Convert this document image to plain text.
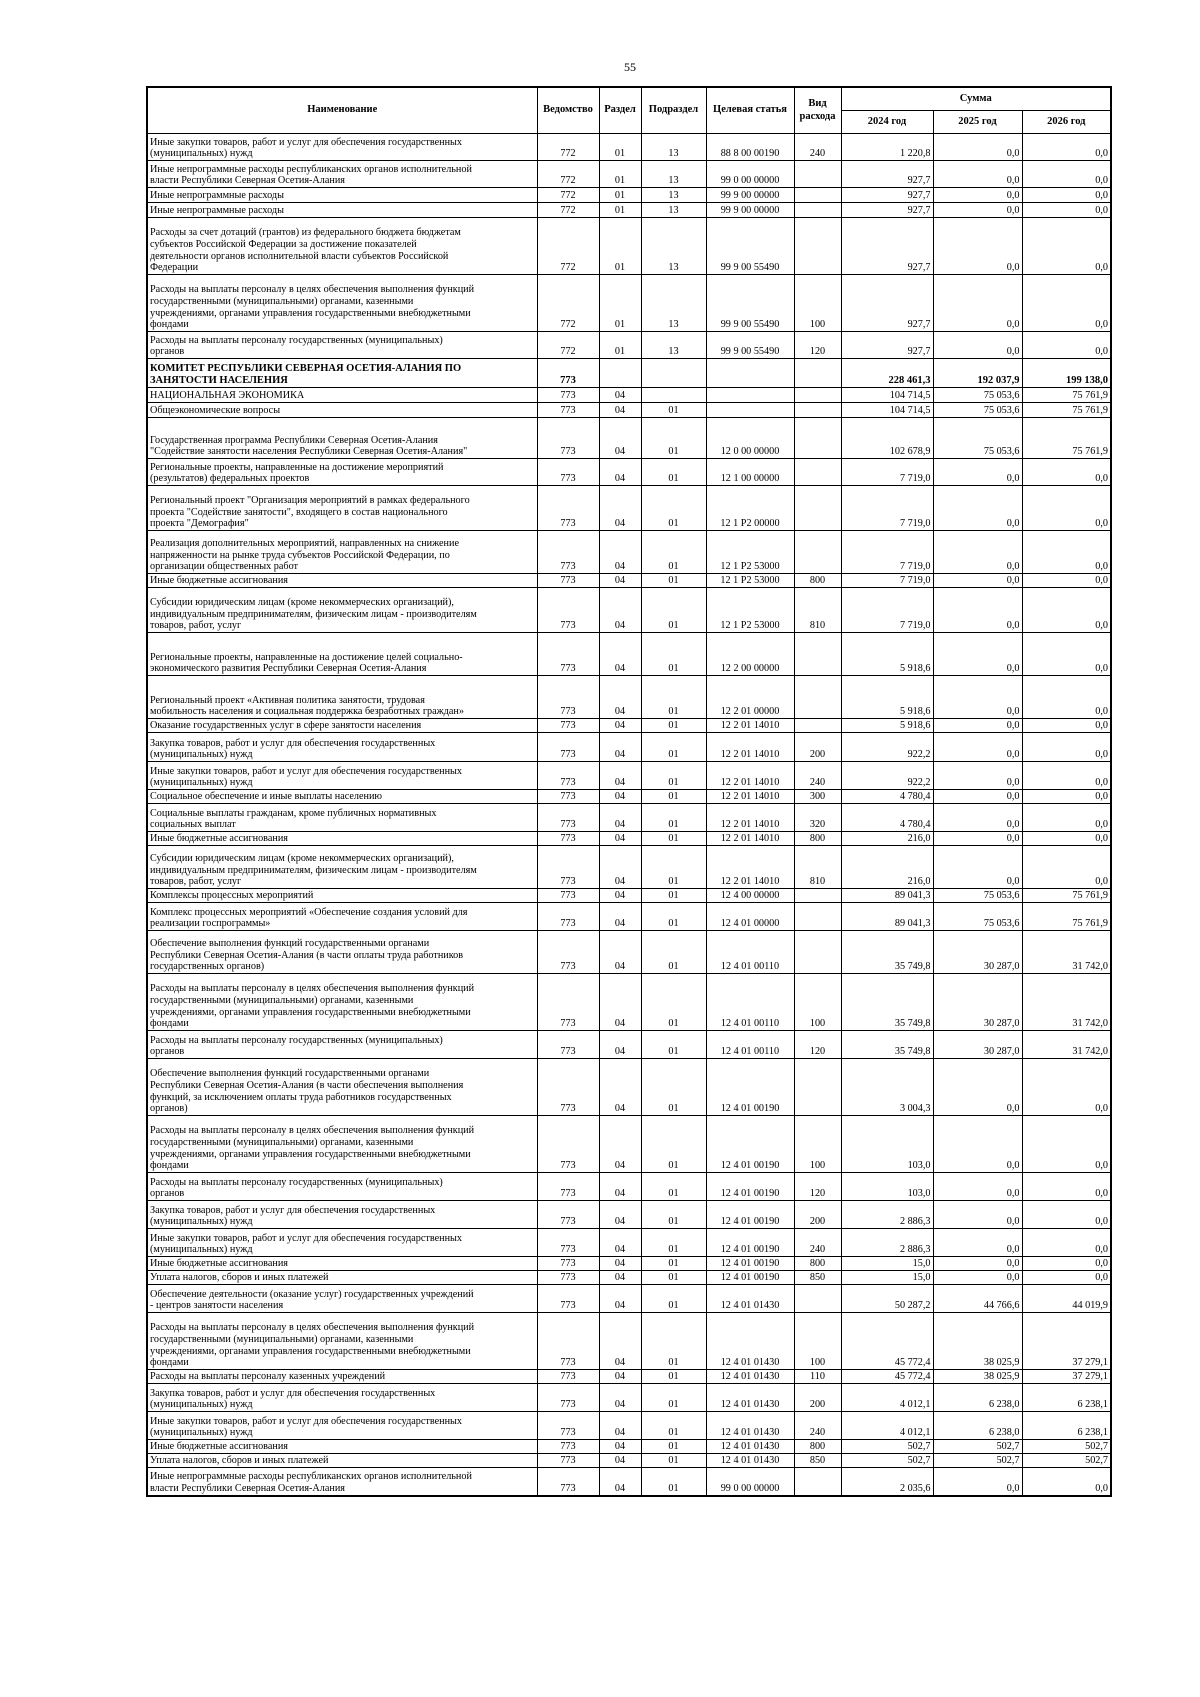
55
Наименование	Ведомство	Раздел	Подраздел	Целевая статья	Вид расхода	Сумма		
						2024 год	2025 год	2026 год
Иные закупки товаров, работ и услуг для обеспечения государственных
(муниципальных) нужд	772	01	13	88 8 00 00190	240	1 220,8	0,0	0,0
Иные непрограммные расходы республиканских органов исполнительной
власти Республики Северная Осетия-Алания	772	01	13	99 0 00 00000		927,7	0,0	0,0
Иные непрограммные расходы	772	01	13	99 9 00 00000		927,7	0,0	0,0
Иные непрограммные расходы	772	01	13	99 9 00 00000		927,7	0,0	0,0
Расходы за счет дотаций (грантов) из федерального бюджета бюджетам
субъектов Российской Федерации за достижение показателей
деятельности органов исполнительной власти субъектов Российской
Федерации	772	01	13	99 9 00 55490		927,7	0,0	0,0
Расходы на выплаты персоналу в целях обеспечения выполнения функций
государственными (муниципальными) органами, казенными
учреждениями, органами управления государственными внебюджетными
фондами	772	01	13	99 9 00 55490	100	927,7	0,0	0,0
Расходы на выплаты персоналу государственных (муниципальных)
органов	772	01	13	99 9 00 55490	120	927,7	0,0	0,0
КОМИТЕТ РЕСПУБЛИКИ СЕВЕРНАЯ ОСЕТИЯ-АЛАНИЯ ПО
ЗАНЯТОСТИ НАСЕЛЕНИЯ	773					228 461,3	192 037,9	199 138,0
НАЦИОНАЛЬНАЯ ЭКОНОМИКА	773	04				104 714,5	75 053,6	75 761,9
Общеэкономические вопросы	773	04	01			104 714,5	75 053,6	75 761,9
Государственная программа Республики Северная Осетия-Алания
"Содействие занятости населения Республики Северная Осетия-Алания"	773	04	01	12 0 00 00000		102 678,9	75 053,6	75 761,9
Региональные проекты, направленные на достижение мероприятий
(результатов) федеральных проектов	773	04	01	12 1 00 00000		7 719,0	0,0	0,0
Региональный проект "Организация мероприятий в рамках федерального
проекта "Содействие занятости", входящего в состав национального
проекта "Демография"	773	04	01	12 1 P2 00000		7 719,0	0,0	0,0
Реализация дополнительных мероприятий, направленных на снижение
напряженности на рынке труда субъектов Российской Федерации, по
организации общественных работ	773	04	01	12 1 P2 53000		7 719,0	0,0	0,0
Иные бюджетные ассигнования	773	04	01	12 1 P2 53000	800	7 719,0	0,0	0,0
Субсидии юридическим лицам (кроме некоммерческих организаций),
индивидуальным предпринимателям, физическим лицам - производителям
товаров, работ, услуг	773	04	01	12 1 P2 53000	810	7 719,0	0,0	0,0
Региональные проекты, направленные на достижение целей социально-
экономического развития Республики Северная Осетия-Алания	773	04	01	12 2 00 00000		5 918,6	0,0	0,0
Региональный проект «Активная политика занятости, трудовая
мобильность населения и социальная поддержка безработных граждан»	773	04	01	12 2 01 00000		5 918,6	0,0	0,0
Оказание государственных услуг в сфере занятости населения	773	04	01	12 2 01 14010		5 918,6	0,0	0,0
Закупка товаров, работ и услуг для обеспечения государственных
(муниципальных) нужд	773	04	01	12 2 01 14010	200	922,2	0,0	0,0
Иные закупки товаров, работ и услуг для обеспечения государственных
(муниципальных) нужд	773	04	01	12 2 01 14010	240	922,2	0,0	0,0
Социальное обеспечение и иные выплаты населению	773	04	01	12 2 01 14010	300	4 780,4	0,0	0,0
Социальные выплаты гражданам, кроме публичных нормативных
социальных выплат	773	04	01	12 2 01 14010	320	4 780,4	0,0	0,0
Иные бюджетные ассигнования	773	04	01	12 2 01 14010	800	216,0	0,0	0,0
Субсидии юридическим лицам (кроме некоммерческих организаций),
индивидуальным предпринимателям, физическим лицам - производителям
товаров, работ, услуг	773	04	01	12 2 01 14010	810	216,0	0,0	0,0
Комплексы процессных мероприятий	773	04	01	12 4 00 00000		89 041,3	75 053,6	75 761,9
Комплекс процессных мероприятий «Обеспечение создания условий для
реализации госпрограммы»	773	04	01	12 4 01 00000		89 041,3	75 053,6	75 761,9
Обеспечение выполнения функций государственными органами
Республики Северная Осетия-Алания (в части оплаты труда работников
государственных органов)	773	04	01	12 4 01 00110		35 749,8	30 287,0	31 742,0
Расходы на выплаты персоналу в целях обеспечения выполнения функций
государственными (муниципальными) органами, казенными
учреждениями, органами управления государственными внебюджетными
фондами	773	04	01	12 4 01 00110	100	35 749,8	30 287,0	31 742,0
Расходы на выплаты персоналу государственных (муниципальных)
органов	773	04	01	12 4 01 00110	120	35 749,8	30 287,0	31 742,0
Обеспечение выполнения функций государственными органами
Республики Северная Осетия-Алания (в части обеспечения выполнения
функций, за исключением оплаты труда работников государственных
органов)	773	04	01	12 4 01 00190		3 004,3	0,0	0,0
Расходы на выплаты персоналу в целях обеспечения выполнения функций
государственными (муниципальными) органами, казенными
учреждениями, органами управления государственными внебюджетными
фондами	773	04	01	12 4 01 00190	100	103,0	0,0	0,0
Расходы на выплаты персоналу государственных (муниципальных)
органов	773	04	01	12 4 01 00190	120	103,0	0,0	0,0
Закупка товаров, работ и услуг для обеспечения государственных
(муниципальных) нужд	773	04	01	12 4 01 00190	200	2 886,3	0,0	0,0
Иные закупки товаров, работ и услуг для обеспечения государственных
(муниципальных) нужд	773	04	01	12 4 01 00190	240	2 886,3	0,0	0,0
Иные бюджетные ассигнования	773	04	01	12 4 01 00190	800	15,0	0,0	0,0
Уплата налогов, сборов и иных платежей	773	04	01	12 4 01 00190	850	15,0	0,0	0,0
Обеспечение деятельности (оказание услуг) государственных учреждений
- центров занятости населения	773	04	01	12 4 01 01430		50 287,2	44 766,6	44 019,9
Расходы на выплаты персоналу в целях обеспечения выполнения функций
государственными (муниципальными) органами, казенными
учреждениями, органами управления государственными внебюджетными
фондами	773	04	01	12 4 01 01430	100	45 772,4	38 025,9	37 279,1
Расходы на выплаты персоналу казенных учреждений	773	04	01	12 4 01 01430	110	45 772,4	38 025,9	37 279,1
Закупка товаров, работ и услуг для обеспечения государственных
(муниципальных) нужд	773	04	01	12 4 01 01430	200	4 012,1	6 238,0	6 238,1
Иные закупки товаров, работ и услуг для обеспечения государственных
(муниципальных) нужд	773	04	01	12 4 01 01430	240	4 012,1	6 238,0	6 238,1
Иные бюджетные ассигнования	773	04	01	12 4 01 01430	800	502,7	502,7	502,7
Уплата налогов, сборов и иных платежей	773	04	01	12 4 01 01430	850	502,7	502,7	502,7
Иные непрограммные расходы республиканских органов исполнительной
власти Республики Северная Осетия-Алания	773	04	01	99 0 00 00000		2 035,6	0,0	0,0
